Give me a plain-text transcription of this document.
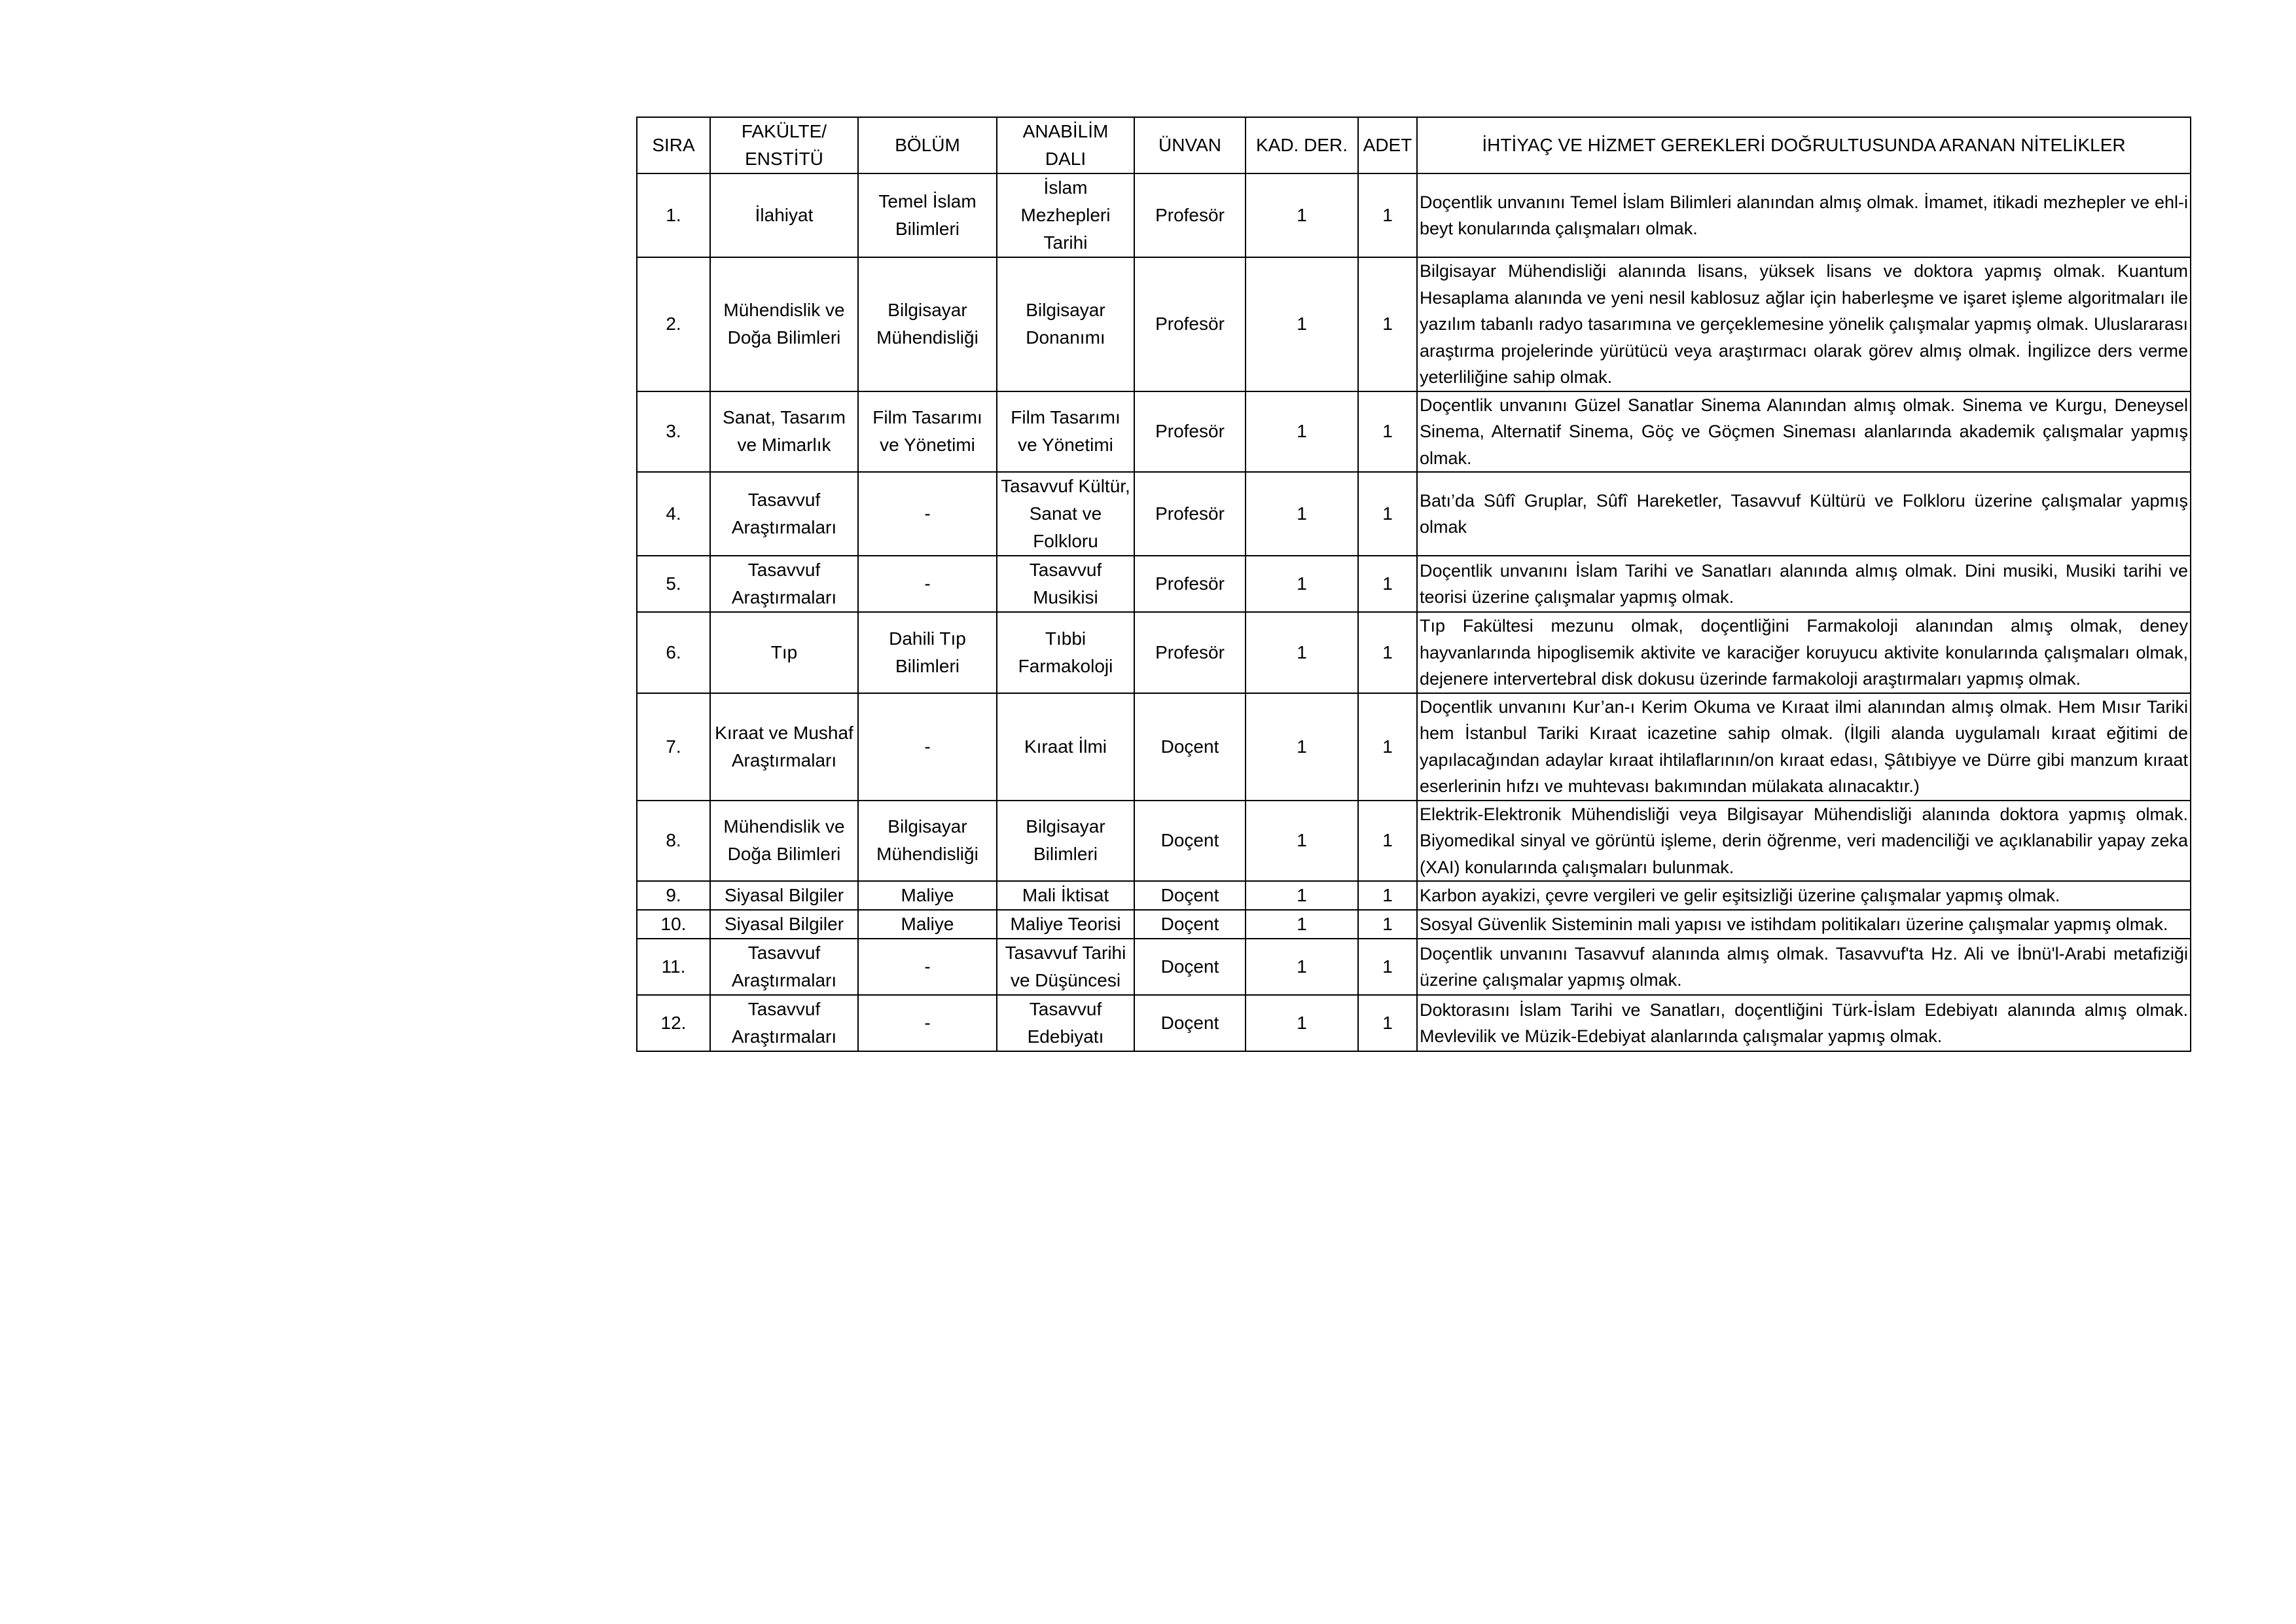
SIRA	FAKÜLTE/ ENSTİTÜ	BÖLÜM	ANABİLİM DALI	ÜNVAN	KAD. DER.	ADET	İHTİYAÇ VE HİZMET GEREKLERİ DOĞRULTUSUNDA ARANAN NİTELİKLER
1.	İlahiyat	Temel İslam Bilimleri	İslam Mezhepleri Tarihi	Profesör	1	1	Doçentlik unvanını Temel İslam Bilimleri alanından almış olmak. İmamet, itikadi mezhepler ve ehl-i beyt konularında çalışmaları olmak.
2.	Mühendislik ve Doğa Bilimleri	Bilgisayar Mühendisliği	Bilgisayar Donanımı	Profesör	1	1	Bilgisayar Mühendisliği alanında lisans, yüksek lisans ve doktora yapmış olmak. Kuantum Hesaplama alanında ve yeni nesil kablosuz ağlar için haberleşme ve işaret işleme algoritmaları ile yazılım tabanlı radyo tasarımına ve gerçeklemesine yönelik çalışmalar yapmış olmak. Uluslararası araştırma projelerinde yürütücü veya araştırmacı olarak görev almış olmak. İngilizce ders verme yeterliliğine sahip olmak.
3.	Sanat, Tasarım ve Mimarlık	Film Tasarımı ve Yönetimi	Film Tasarımı ve Yönetimi	Profesör	1	1	Doçentlik unvanını Güzel Sanatlar Sinema Alanından almış olmak. Sinema ve Kurgu, Deneysel Sinema, Alternatif Sinema, Göç ve Göçmen Sineması alanlarında akademik çalışmalar yapmış olmak.
4.	Tasavvuf Araştırmaları	-	Tasavvuf Kültür, Sanat ve Folkloru	Profesör	1	1	Batı’da Sûfî Gruplar, Sûfî Hareketler, Tasavvuf Kültürü ve Folkloru üzerine çalışmalar yapmış olmak
5.	Tasavvuf Araştırmaları	-	Tasavvuf Musikisi	Profesör	1	1	Doçentlik unvanını İslam Tarihi ve Sanatları alanında almış olmak. Dini musiki, Musiki tarihi ve teorisi üzerine çalışmalar yapmış olmak.
6.	Tıp	Dahili Tıp Bilimleri	Tıbbi Farmakoloji	Profesör	1	1	Tıp Fakültesi mezunu olmak, doçentliğini Farmakoloji alanından almış olmak, deney hayvanlarında hipoglisemik aktivite ve karaciğer koruyucu aktivite konularında çalışmaları olmak, dejenere intervertebral disk dokusu üzerinde farmakoloji araştırmaları yapmış olmak.
7.	Kıraat ve Mushaf Araştırmaları	-	Kıraat İlmi	Doçent	1	1	Doçentlik unvanını Kur’an-ı Kerim Okuma ve Kıraat ilmi alanından almış olmak. Hem Mısır Tariki hem İstanbul Tariki Kıraat icazetine sahip olmak. (İlgili alanda uygulamalı kıraat eğitimi de yapılacağından adaylar kıraat ihtilaflarının/on kıraat edası, Şâtıbiyye ve Dürre gibi manzum kıraat eserlerinin hıfzı ve muhtevası bakımından mülakata alınacaktır.)
8.	Mühendislik ve Doğa Bilimleri	Bilgisayar Mühendisliği	Bilgisayar Bilimleri	Doçent	1	1	Elektrik-Elektronik Mühendisliği veya Bilgisayar Mühendisliği alanında doktora yapmış olmak. Biyomedikal sinyal ve görüntü işleme, derin öğrenme, veri madenciliği ve açıklanabilir yapay zeka (XAI) konularında çalışmaları bulunmak.
9.	Siyasal Bilgiler	Maliye	Mali İktisat	Doçent	1	1	Karbon ayakizi, çevre vergileri ve gelir eşitsizliği üzerine çalışmalar yapmış olmak.
10.	Siyasal Bilgiler	Maliye	Maliye Teorisi	Doçent	1	1	Sosyal Güvenlik Sisteminin mali yapısı ve istihdam politikaları üzerine çalışmalar yapmış olmak.
11.	Tasavvuf Araştırmaları	-	Tasavvuf Tarihi ve Düşüncesi	Doçent	1	1	Doçentlik unvanını Tasavvuf alanında almış olmak. Tasavvuf'ta Hz. Ali ve İbnü'l-Arabi metafiziği üzerine çalışmalar yapmış olmak.
12.	Tasavvuf Araştırmaları	-	Tasavvuf Edebiyatı	Doçent	1	1	Doktorasını İslam Tarihi ve Sanatları, doçentliğini Türk-İslam Edebiyatı alanında almış olmak. Mevlevilik ve Müzik-Edebiyat alanlarında çalışmalar yapmış olmak.
